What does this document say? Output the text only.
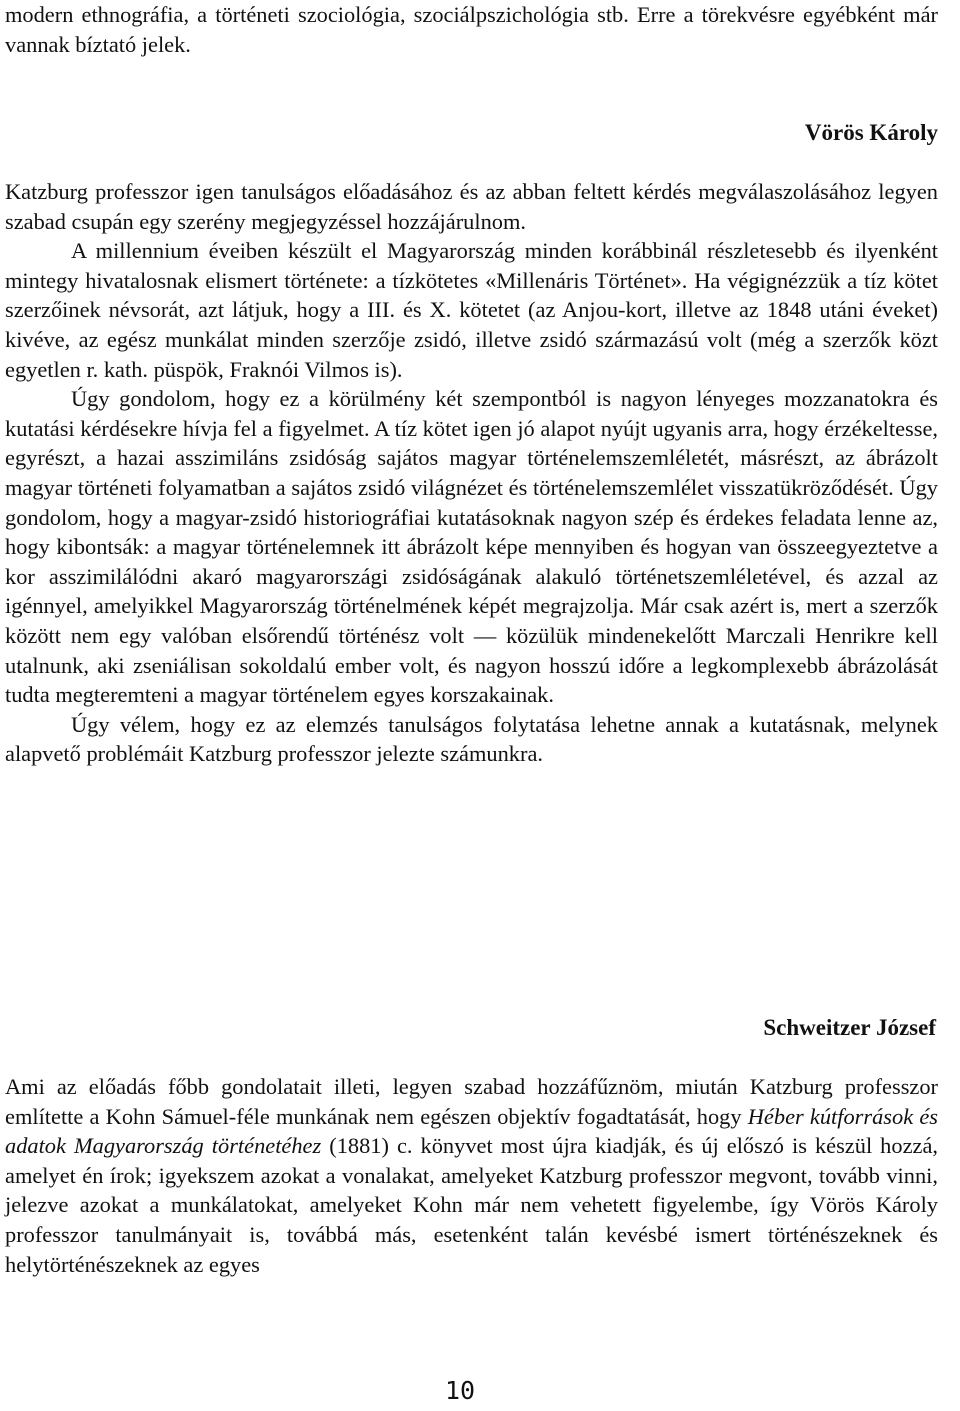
modern ethnográfia, a történeti szociológia, szociálpszichológia stb. Erre a törekvésre egyébként már vannak bíztató jelek.

Vörös Károly

Katzburg professzor igen tanulságos előadásához és az abban feltett kérdés megválaszolásához legyen szabad csupán egy szerény megjegyzéssel hozzájárulnom.

A millennium éveiben készült el Magyarország minden korábbinál részletesebb és ilyenként mintegy hivatalosnak elismert története: a tízkötetes «Millenáris Történet». Ha végignézzük a tíz kötet szerzőinek névsorát, azt látjuk, hogy a III. és X. kötetet (az Anjou-kort, illetve az 1848 utáni éveket) kivéve, az egész munkálat minden szerzője zsidó, illetve zsidó származású volt (még a szerzők közt egyetlen r. kath. püspök, Fraknói Vilmos is).

Úgy gondolom, hogy ez a körülmény két szempontból is nagyon lényeges mozzanatokra és kutatási kérdésekre hívja fel a figyelmet. A tíz kötet igen jó alapot nyújt ugyanis arra, hogy érzékeltesse, egyrészt, a hazai asszimiláns zsidóság sajátos magyar történelemszemléletét, másrészt, az ábrázolt magyar történeti folyamatban a sajátos zsidó világnézet és történelemszemlélet visszatükröződését. Úgy gondolom, hogy a magyar-zsidó historiográfiai kutatásoknak nagyon szép és érdekes feladata lenne az, hogy kibontsák: a magyar történelemnek itt ábrázolt képe mennyiben és hogyan van összeegyeztetve a kor asszimilálódni akaró magyarországi zsidóságának alakuló történetszemléletével, és azzal az igénnyel, amelyikkel Magyarország történelmének képét megrajzolja. Már csak azért is, mert a szerzők között nem egy valóban elsőrendű történész volt — közülük mindenekelőtt Marczali Henrikre kell utalnunk, aki zseniálisan sokoldalú ember volt, és nagyon hosszú időre a legkomplexebb ábrázolását tudta megteremteni a magyar történelem egyes korszakainak.

Úgy vélem, hogy ez az elemzés tanulságos folytatása lehetne annak a kutatásnak, melynek alapvető problémáit Katzburg professzor jelezte számunkra.

Schweitzer József

Ami az előadás főbb gondolatait illeti, legyen szabad hozzáfűznöm, miután Katzburg professzor említette a Kohn Sámuel-féle munkának nem egészen objektív fogadtatását, hogy Héber kútforrások és adatok Magyarország történetéhez (1881) c. könyvet most újra kiadják, és új előszó is készül hozzá, amelyet én írok; igyekszem azokat a vonalakat, amelyeket Katzburg professzor megvont, tovább vinni, jelezve azokat a munkálatokat, amelyeket Kohn már nem vehetett figyelembe, így Vörös Károly professzor tanulmányait is, továbbá más, esetenként talán kevésbé ismert történészeknek és helytörténészeknek az egyes

10
